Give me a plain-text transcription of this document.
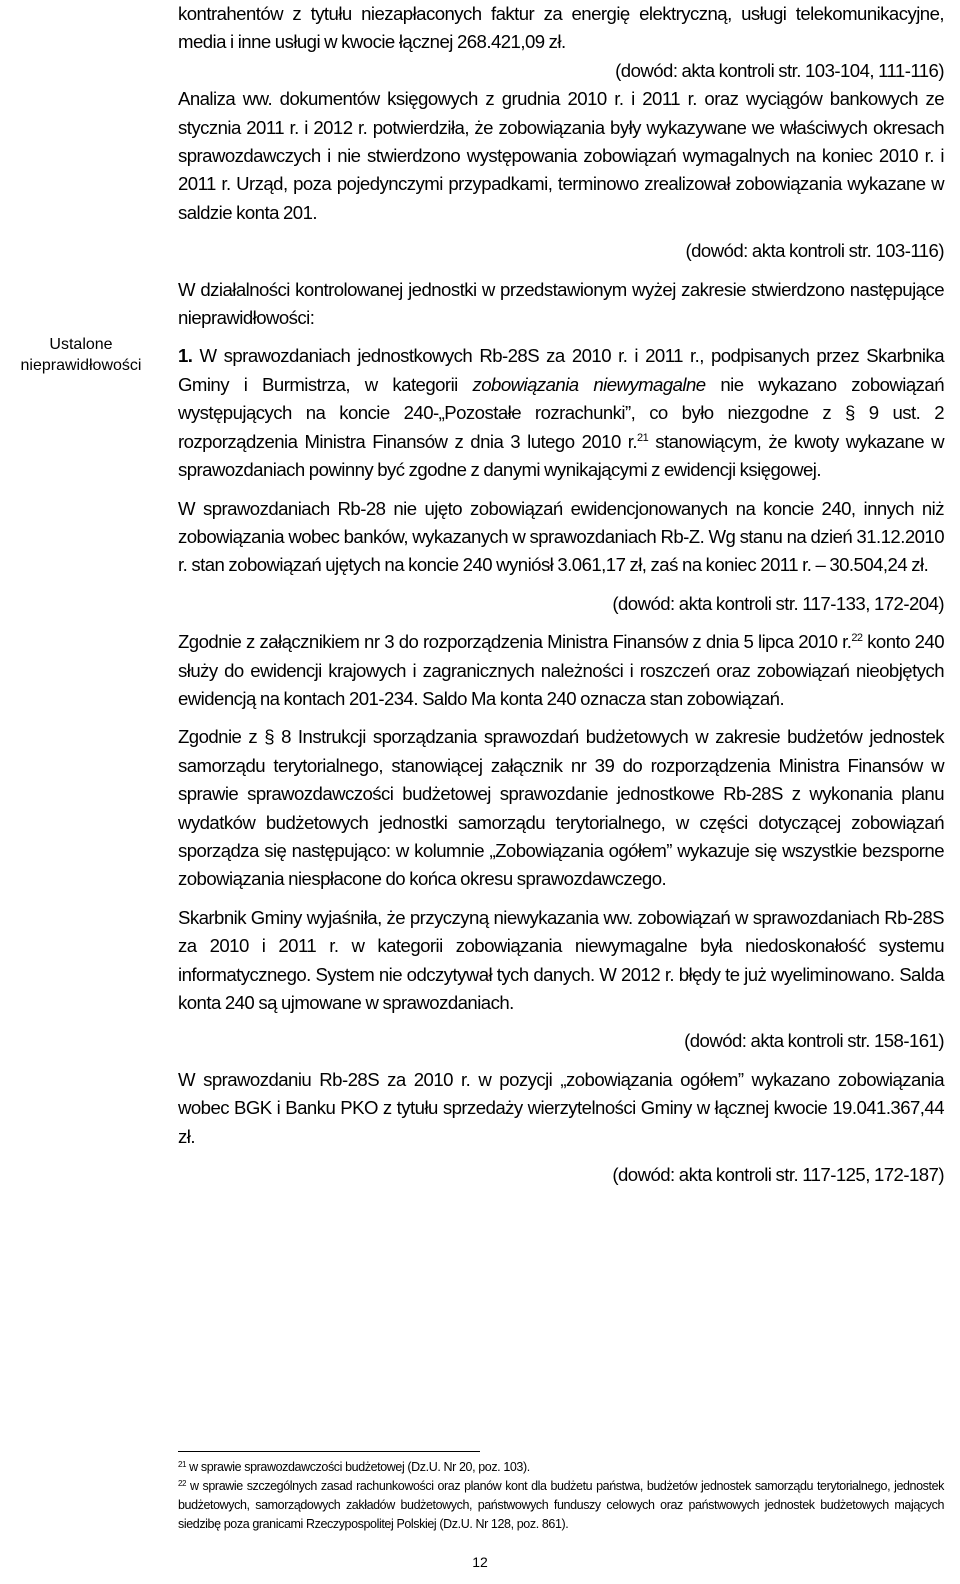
Ustalone
nieprawidłowości

kontrahentów z tytułu niezapłaconych faktur za energię elektryczną, usługi telekomunikacyjne, media i inne usługi w kwocie łącznej 268.421,09 zł.

(dowód: akta kontroli str. 103-104, 111-116)

Analiza ww. dokumentów księgowych z grudnia 2010 r. i 2011 r. oraz wyciągów bankowych ze stycznia 2011 r. i 2012 r. potwierdziła, że zobowiązania były wykazywane we właściwych okresach sprawozdawczych i nie stwierdzono występowania zobowiązań wymagalnych na koniec 2010 r. i 2011 r. Urząd, poza pojedynczymi przypadkami, terminowo zrealizował zobowiązania wykazane w saldzie konta 201.

(dowód: akta kontroli str. 103-116)

W działalności kontrolowanej jednostki w przedstawionym wyżej zakresie stwierdzono następujące nieprawidłowości:

1. W sprawozdaniach jednostkowych Rb-28S za 2010 r. i 2011 r., podpisanych przez Skarbnika Gminy i Burmistrza, w kategorii zobowiązania niewymagalne nie wykazano zobowiązań występujących na koncie 240-„Pozostałe rozrachunki”, co było niezgodne z § 9 ust. 2 rozporządzenia Ministra Finansów z dnia 3 lutego 2010 r.$^{21}$ stanowiącym, że kwoty wykazane w sprawozdaniach powinny być zgodne z danymi wynikającymi z ewidencji księgowej.

W sprawozdaniach Rb-28 nie ujęto zobowiązań ewidencjonowanych na koncie 240, innych niż zobowiązania wobec banków, wykazanych w sprawozdaniach Rb-Z. Wg stanu na dzień 31.12.2010 r. stan zobowiązań ujętych na koncie 240 wyniósł 3.061,17 zł, zaś na koniec 2011 r. – 30.504,24 zł.

(dowód: akta kontroli str. 117-133, 172-204)

Zgodnie z załącznikiem nr 3 do rozporządzenia Ministra Finansów z dnia 5 lipca 2010 r.$^{22}$ konto 240 służy do ewidencji krajowych i zagranicznych należności i roszczeń oraz zobowiązań nieobjętych ewidencją na kontach 201-234. Saldo Ma konta 240 oznacza stan zobowiązań.

Zgodnie z § 8 Instrukcji sporządzania sprawozdań budżetowych w zakresie budżetów jednostek samorządu terytorialnego, stanowiącej załącznik nr 39 do rozporządzenia Ministra Finansów w sprawie sprawozdawczości budżetowej sprawozdanie jednostkowe Rb-28S z wykonania planu wydatków budżetowych jednostki samorządu terytorialnego, w części dotyczącej zobowiązań sporządza się następująco: w kolumnie „Zobowiązania ogółem” wykazuje się wszystkie bezsporne zobowiązania niespłacone do końca okresu sprawozdawczego.

Skarbnik Gminy wyjaśniła, że przyczyną niewykazania ww. zobowiązań w sprawozdaniach Rb-28S za 2010 i 2011 r. w kategorii zobowiązania niewymagalne była niedoskonałość systemu informatycznego. System nie odczytywał tych danych. W 2012 r. błędy te już wyeliminowano. Salda konta 240 są ujmowane w sprawozdaniach.

(dowód: akta kontroli str. 158-161)

W sprawozdaniu Rb-28S za 2010 r. w pozycji „zobowiązania ogółem” wykazano zobowiązania wobec BGK i Banku PKO z tytułu sprzedaży wierzytelności Gminy w łącznej kwocie 19.041.367,44 zł.

(dowód: akta kontroli str. 117-125, 172-187)

$^{21}$ w sprawie sprawozdawczości budżetowej (Dz.U. Nr 20, poz. 103).

$^{22}$ w sprawie szczególnych zasad rachunkowości oraz planów kont dla budżetu państwa, budżetów jednostek samorządu terytorialnego, jednostek budżetowych, samorządowych zakładów budżetowych, państwowych funduszy celowych oraz państwowych jednostek budżetowych mających siedzibę poza granicami Rzeczypospolitej Polskiej (Dz.U. Nr 128, poz. 861).

12
